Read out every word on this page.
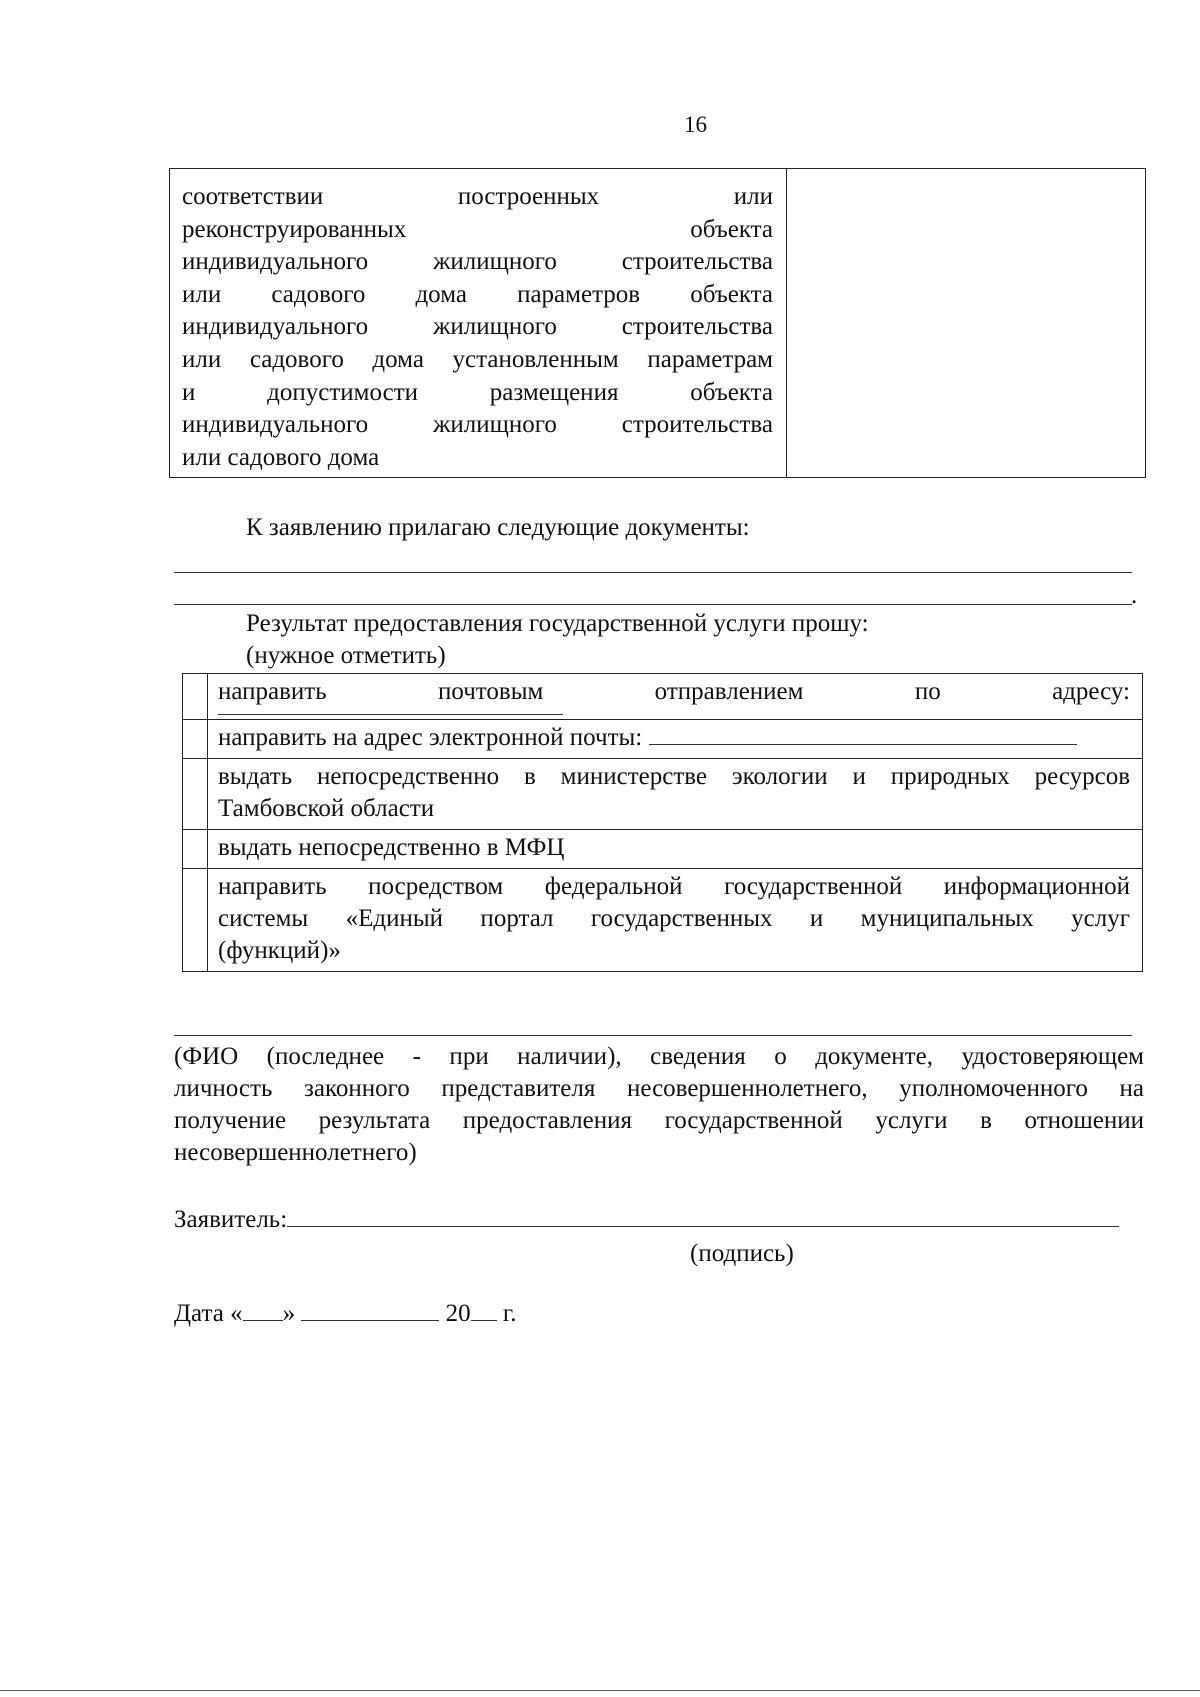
16
соответствии построенных или
реконструированных объекта
индивидуального жилищного строительства
или садового дома параметров объекта
индивидуального жилищного строительства
или садового дома установленным параметрам
и допустимости размещения объекта
индивидуального жилищного строительства
или садового дома

К заявлению прилагаю следующие документы:
.
Результат предоставления государственной услуги прошу:
(нужное отметить)

	направить почтовым отправлением по адресу:

	направить на адрес электронной почты:

	выдать непосредственно в министерстве экологии и природных ресурсов
Тамбовской области

	выдать непосредственно в МФЦ

	направить посредством федеральной государственной информационной
системы «Единый портал государственных и муниципальных услуг
(функций)»
(ФИО (последнее - при наличии), сведения о документе, удостоверяющем
личность законного представителя несовершеннолетнего, уполномоченного на
получение результата предоставления государственной услуги в отношении
несовершеннолетнего)
Заявитель:
(подпись)
Дата « »	20 г.
